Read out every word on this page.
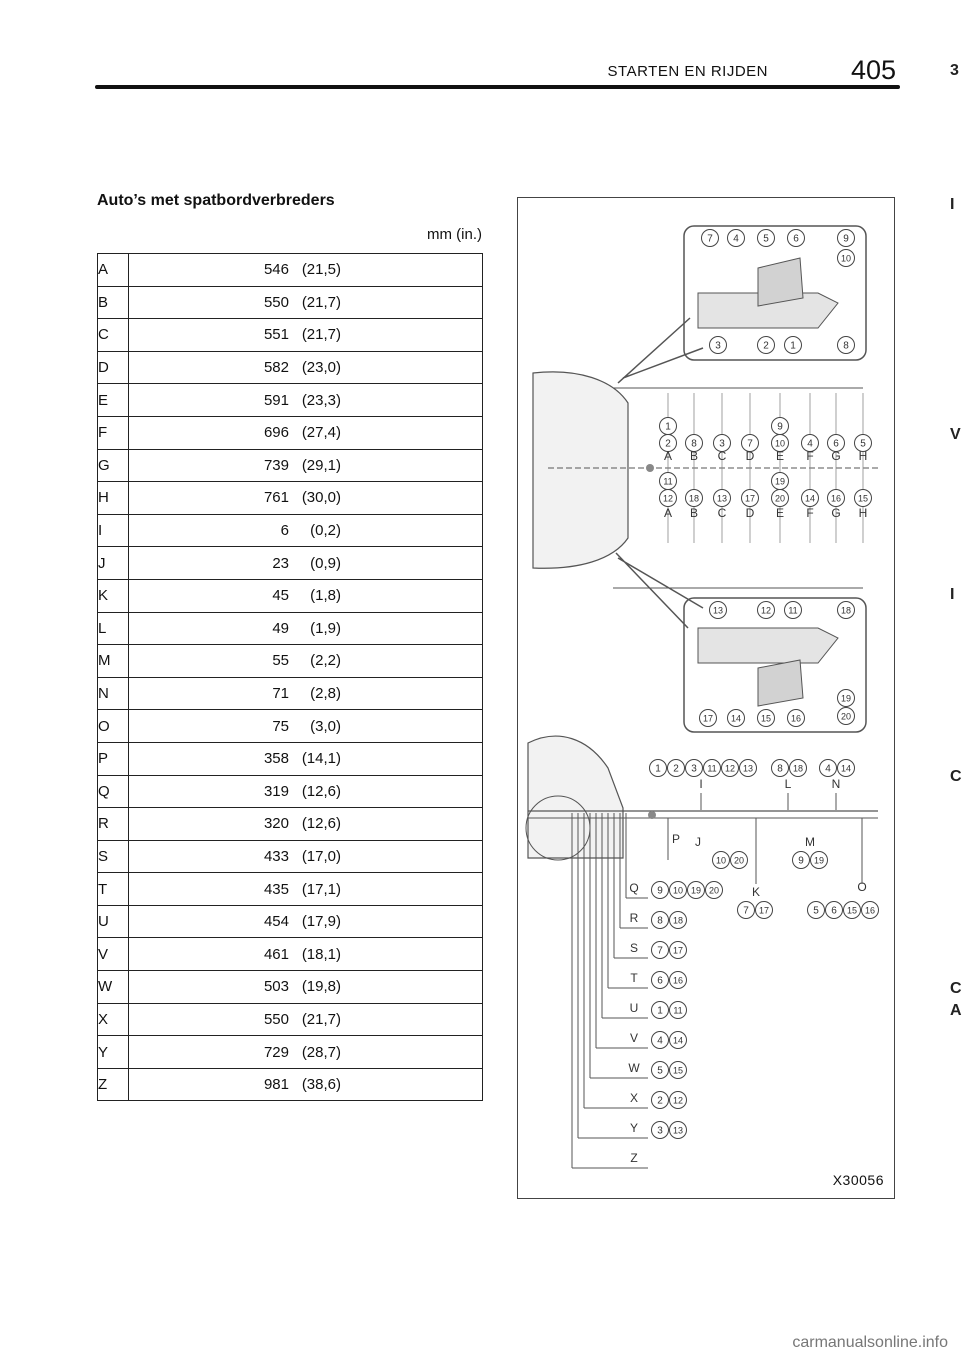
STARTEN EN RIJDEN	405	3
I
V
I
C
C
A
Auto’s met spatbordverbreders
mm (in.)
A	546 (21,5)
B	550 (21,7)
C	551 (21,7)
D	582 (23,0)
E	591 (23,3)
F	696 (27,4)
G	739 (29,1)
H	761 (30,0)
I	6 (0,2)
J	23 (0,9)
K	45 (1,8)
L	49 (1,9)
M	55 (2,2)
N	71 (2,8)
O	75 (3,0)
P	358 (14,1)
Q	319 (12,6)
R	320 (12,6)
S	433 (17,0)
T	435 (17,1)
U	454 (17,9)
V	461 (18,1)
W	503 (19,8)
X	550 (21,7)
Y	729 (28,7)
Z	981 (38,6)
7 4 5 6	9
10
3	2 1	8
1
2
A
11
12
A
8
B
18
B
3
C
13
C
7
D
17
D
9
10
E
19
20
E
4
F
14
F
6
G
16
G
5
H
15
H
13	12 11	18
19
20
17 14 15 16
1 2 3 11 12 13
I
8 18
L
4 14
N
J
10 20
M
9 19
K
7 17
O
5 6 15 16
P
Q 9 10 19 20
R 8 18
S 7 17
T 6 16
U 1 11
V 4 14
W 5 15
X 2 12
Y 3 13
Z
X30056
carmanualsonline.info
